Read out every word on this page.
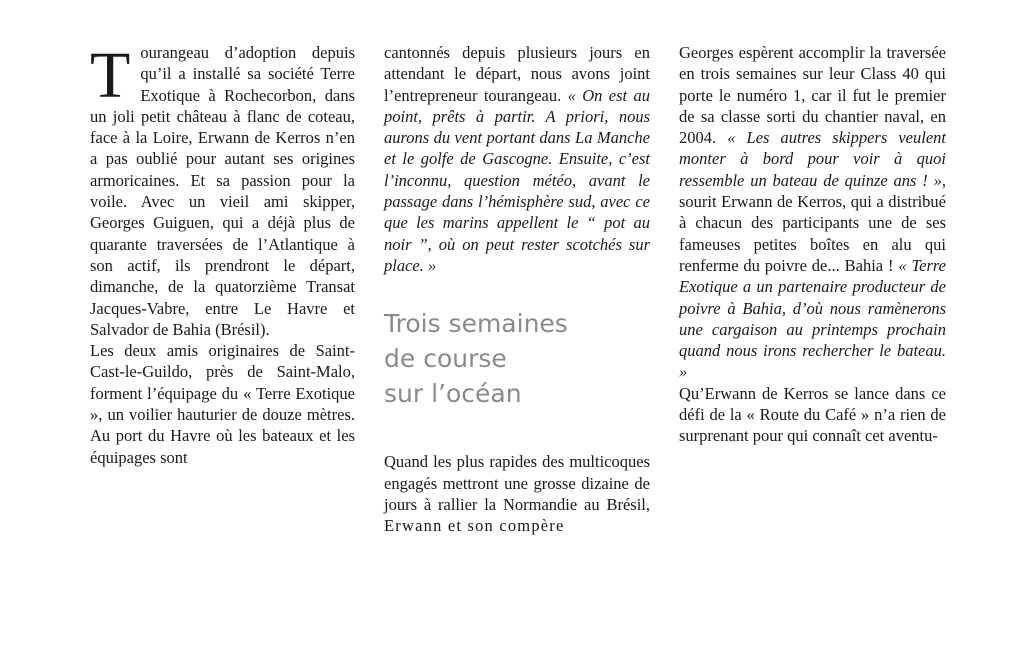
Tourangeau d’adoption depuis qu’il a installé sa société Terre Exotique à Rochecorbon, dans un joli petit château à flanc de coteau, face à la Loire, Erwann de Kerros n’en a pas oublié pour autant ses origines armoricaines. Et sa passion pour la voile. Avec un vieil ami skipper, Georges Guiguen, qui a déjà plus de quarante traversées de l’Atlantique à son actif, ils prendront le départ, dimanche, de la quatorzième Transat Jacques-Vabre, entre Le Havre et Salvador de Bahia (Brésil).

Les deux amis originaires de Saint-Cast-le-Guildo, près de Saint-Malo, forment l’équipage du « Terre Exotique », un voilier hauturier de douze mètres. Au port du Havre où les bateaux et les équipages sont

cantonnés depuis plusieurs jours en attendant le départ, nous avons joint l’entrepreneur tourangeau. « On est au point, prêts à partir. A priori, nous aurons du vent portant dans La Manche et le golfe de Gascogne. Ensuite, c’est l’inconnu, question météo, avant le passage dans l’hémisphère sud, avec ce que les marins appellent le “ pot au noir ”, où on peut rester scotchés sur place. »

Trois semaines
de course
sur l’océan

Quand les plus rapides des multicoques engagés mettront une grosse dizaine de jours à rallier la Normandie au Brésil, Erwann et son compère

Georges espèrent accomplir la traversée en trois semaines sur leur Class 40 qui porte le numéro 1, car il fut le premier de sa classe sorti du chantier naval, en 2004. « Les autres skippers veulent monter à bord pour voir à quoi ressemble un bateau de quinze ans ! », sourit Erwann de Kerros, qui a distribué à chacun des participants une de ses fameuses petites boîtes en alu qui renferme du poivre de... Bahia ! « Terre Exotique a un partenaire producteur de poivre à Bahia, d’où nous ramènerons une cargaison au printemps prochain quand nous irons rechercher le bateau. »

Qu’Erwann de Kerros se lance dans ce défi de la « Route du Café » n’a rien de surprenant pour qui connaît cet aventu-
